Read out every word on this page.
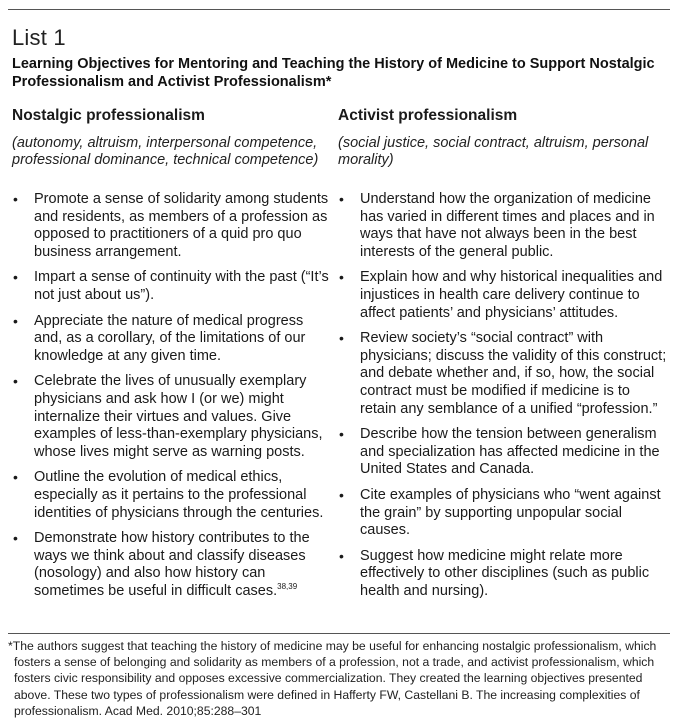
List 1
Learning Objectives for Mentoring and Teaching the History of Medicine to Support Nostalgic Professionalism and Activist Professionalism*
Nostalgic professionalism
(autonomy, altruism, interpersonal competence, professional dominance, technical competence)
• Promote a sense of solidarity among students and residents, as members of a profession as opposed to practitioners of a quid pro quo business arrangement.
• Impart a sense of continuity with the past (“It’s not just about us”).
• Appreciate the nature of medical progress and, as a corollary, of the limitations of our knowledge at any given time.
• Celebrate the lives of unusually exemplary physicians and ask how I (or we) might internalize their virtues and values. Give examples of less-than-exemplary physicians, whose lives might serve as warning posts.
• Outline the evolution of medical ethics, especially as it pertains to the professional identities of physicians through the centuries.
• Demonstrate how history contributes to the ways we think about and classify diseases (nosology) and also how history can sometimes be useful in difficult cases.$^{38,39}$
Activist professionalism
(social justice, social contract, altruism, personal morality)
• Understand how the organization of medicine has varied in different times and places and in ways that have not always been in the best interests of the general public.
• Explain how and why historical inequalities and injustices in health care delivery continue to affect patients’ and physicians’ attitudes.
• Review society’s “social contract” with physicians; discuss the validity of this construct; and debate whether and, if so, how, the social contract must be modified if medicine is to retain any semblance of a unified “profession.”
• Describe how the tension between generalism and specialization has affected medicine in the United States and Canada.
• Cite examples of physicians who “went against the grain” by supporting unpopular social causes.
• Suggest how medicine might relate more effectively to other disciplines (such as public health and nursing).
*The authors suggest that teaching the history of medicine may be useful for enhancing nostalgic professionalism, which fosters a sense of belonging and solidarity as members of a profession, not a trade, and activist professionalism, which fosters civic responsibility and opposes excessive commercialization. They created the learning objectives presented above. These two types of professionalism were defined in Hafferty FW, Castellani B. The increasing complexities of professionalism. Acad Med. 2010;85:288–301
